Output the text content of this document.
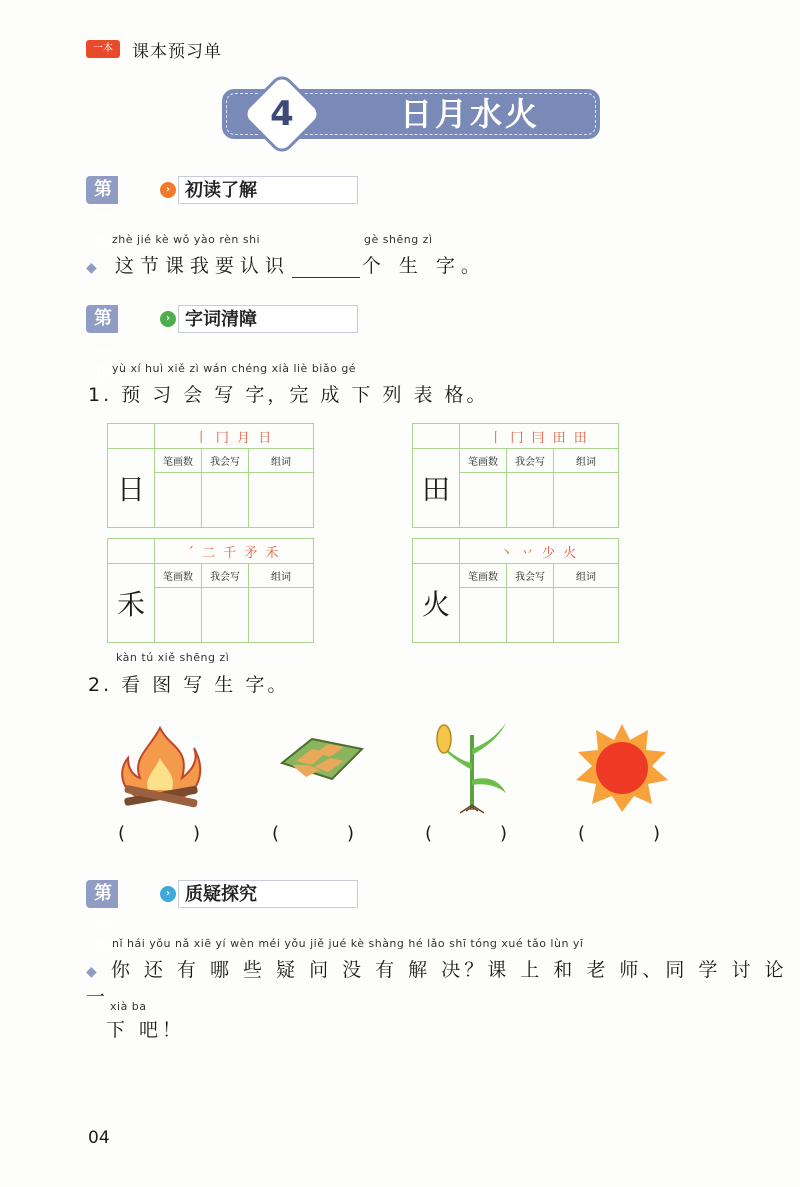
一本	课本预习单
4	日月水火
第一步
› 初读了解
zhè jié kè wǒ yào rèn shi	gè shēng zì
◆ 这节课我要认识	个 生 字。
第二步
› 字词清障
yù xí huì xiě zì wán chéng xià liè biǎo gé
1. 预 习 会 写 字，完 成 下 列 表 格。
	丨 冂 月 日		
日	笔画数	我会写	组词

	丨 冂 冃 田 田		
田	笔画数	我会写	组词

	ˊ 二 千 矛 禾		
禾	笔画数	我会写	组词

	丶 丷 少 火		
火	笔画数	我会写	组词

kàn tú xiě shēng zì
2. 看 图 写 生 字。
(	)	(	)	(	)	(	)
第三步
› 质疑探究
nǐ hái yǒu nǎ xiē yí wèn méi yǒu jiě jué kè shàng hé lǎo shī tóng xué tǎo lùn yī
◆ 你 还 有 哪 些 疑 问 没 有 解 决？课 上 和 老 师、同 学 讨 论 一 xià ba
下 吧！
04
